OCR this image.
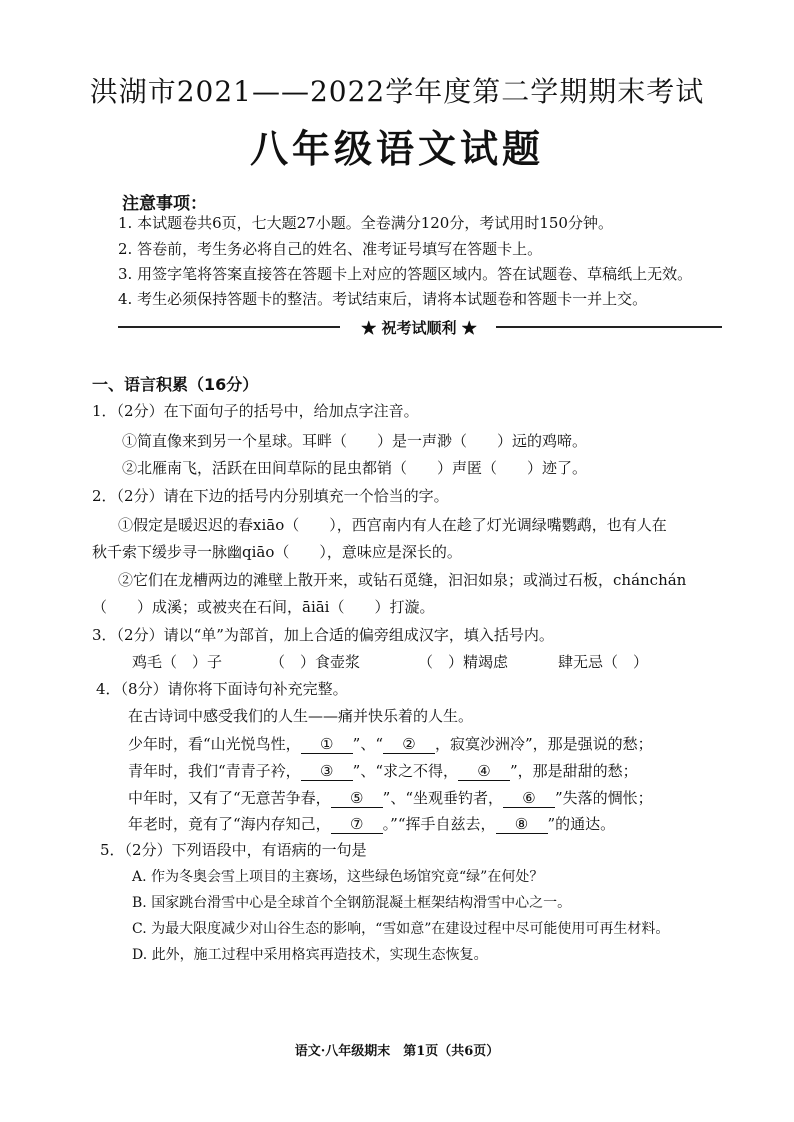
洪湖市2021——2022学年度第二学期期末考试
八年级语文试题
注意事项：
1. 本试题卷共6页，七大题27小题。全卷满分120分，考试用时150分钟。
2. 答卷前，考生务必将自己的姓名、准考证号填写在答题卡上。
3. 用签字笔将答案直接答在答题卡上对应的答题区域内。答在试题卷、草稿纸上无效。
4. 考生必须保持答题卡的整洁。考试结束后，请将本试题卷和答题卡一并上交。
★ 祝考试顺利 ★
一、语言积累（16分）
1．（2分）在下面句子的括号中，给加点字注音。
①简直像来到另一个星球。耳畔（　　）是一声渺（　　）远的鸡啼。
②北雁南飞，活跃在田间草际的昆虫都销（　　）声匿（　　）迹了。
2．（2分）请在下边的括号内分别填充一个恰当的字。
①假定是暖迟迟的春xiāo（　　），西宫南内有人在趁了灯光调绿嘴鹦鹉，也有人在
秋千索下缓步寻一脉幽qiāo（　　），意味应是深长的。
②它们在龙槽两边的滩壁上散开来，或钻石觅缝，汩汩如泉；或淌过石板，chánchán
（　　）成溪；或被夹在石间，āiāi（　　）打漩。
3．（2分）请以“单”为部首，加上合适的偏旁组成汉字，填入括号内。
鸡毛（　）子	（　）食壶浆	（　）精竭虑	肆无忌（　）
4．（8分）请你将下面诗句补充完整。
在古诗词中感受我们的人生——痛并快乐着的人生。
少年时，看“山光悦鸟性， ① ”、“ ② ，寂寞沙洲冷”，那是强说的愁；
青年时，我们“青青子衿， ③ ”、“求之不得， ④ ”，那是甜甜的愁；
中年时，又有了“无意苦争春， ⑤ ”、“坐观垂钓者， ⑥ ”失落的惆怅；
年老时，竟有了“海内存知己， ⑦ 。”“挥手自兹去， ⑧ ”的通达。
5．（2分）下列语段中，有语病的一句是
A. 作为冬奥会雪上项目的主赛场，这些绿色场馆究竟“绿”在何处？
B. 国家跳台滑雪中心是全球首个全钢筋混凝土框架结构滑雪中心之一。
C. 为最大限度减少对山谷生态的影响，“雪如意”在建设过程中尽可能使用可再生材料。
D. 此外，施工过程中采用格宾再造技术，实现生态恢复。
语文·八年级期末　第1页（共6页）
